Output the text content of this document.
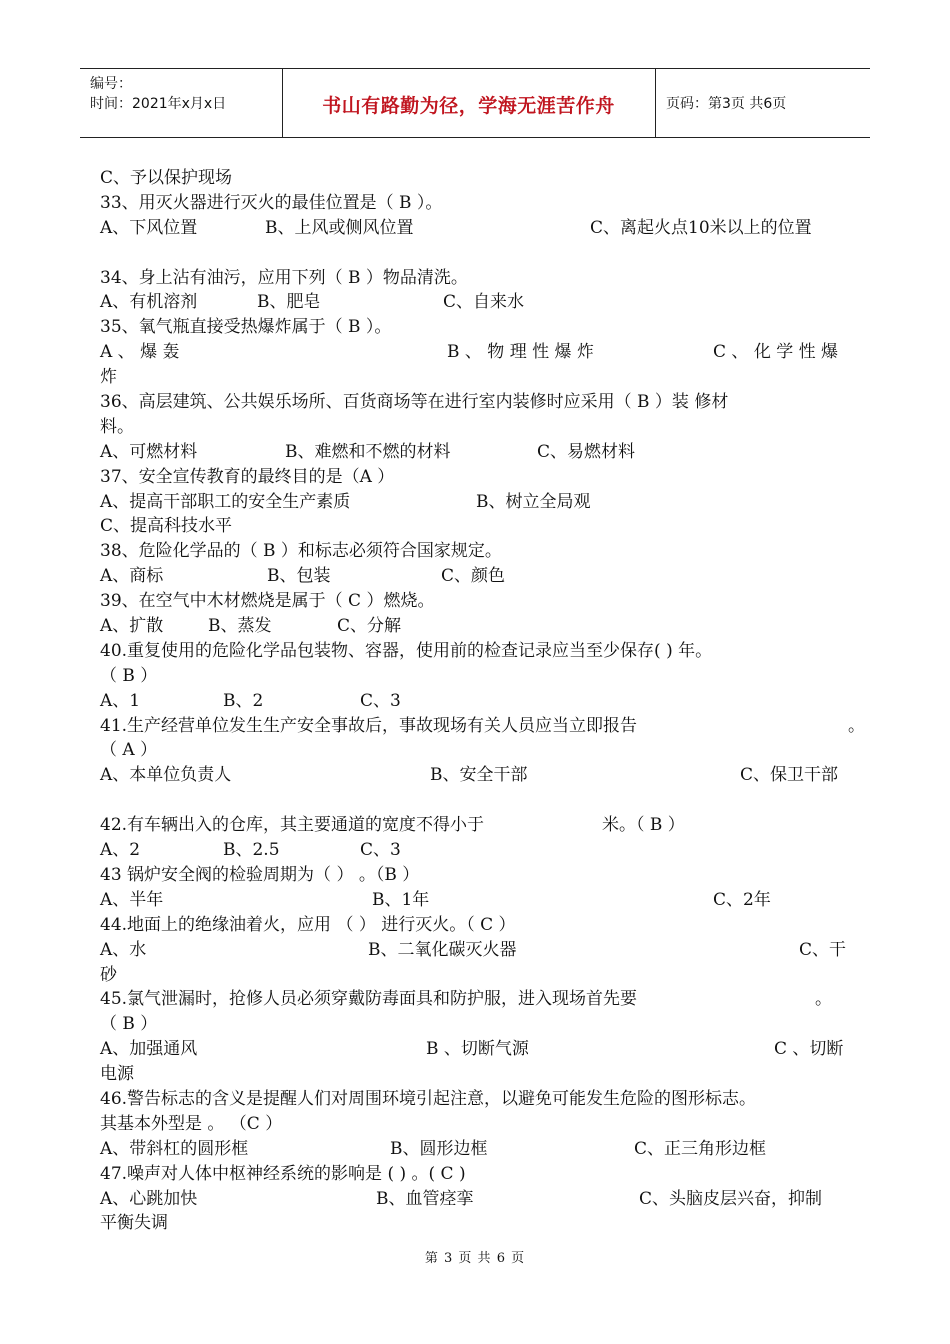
编号：
时间：2021年x月x日	书山有路勤为径，学海无涯苦作舟	页码：第3页 共6页
C、予以保护现场
33、用灭火器进行灭火的最佳位置是（ B ）。
A、下风位置	B、上风或侧风位置	C、离起火点10米以上的位置
34、身上沾有油污，应用下列（ B ）物品清洗。
A、有机溶剂	B、肥皂	C、自来水
35、氧气瓶直接受热爆炸属于（ B ）。
A 、 爆 轰	B 、 物 理 性 爆 炸	C 、 化 学 性 爆
炸
36、高层建筑、公共娱乐场所、百货商场等在进行室内装修时应采用（ B ）装 修材
料。
A、可燃材料	B、难燃和不燃的材料	C、易燃材料
37、安全宣传教育的最终目的是（A ）
A、提高干部职工的安全生产素质	B、树立全局观
C、提高科技水平
38、危险化学品的（ B ）和标志必须符合国家规定。
A、商标	B、包装	C、颜色
39、在空气中木材燃烧是属于（ C ）燃烧。
A、扩散	B、蒸发	C、分解
40.重复使用的危险化学品包装物、容器，使用前的检查记录应当至少保存( ) 年。
（ B ）
A、1	B、2	C、3
41.生产经营单位发生生产安全事故后，事故现场有关人员应当立即报告	。
（ A ）
A、本单位负责人	B、安全干部	C、保卫干部
42.有车辆出入的仓库，其主要通道的宽度不得小于	米。（ B ）
A、2	B、2.5	C、3
43 锅炉安全阀的检验周期为（ ） 。（B ）
A、半年	B、1年	C、2年
44.地面上的绝缘油着火，应用 （ ） 进行灭火。（ C ）
A、水	B、二氧化碳灭火器	C、干
砂
45.氯气泄漏时，抢修人员必须穿戴防毒面具和防护服，进入现场首先要	。
（ B ）
A、加强通风	B 、切断气源	C 、切断
电源
46.警告标志的含义是提醒人们对周围环境引起注意，以避免可能发生危险的图形标志。
其基本外型是 。 （C ）
A、带斜杠的圆形框	B、圆形边框	C、正三角形边框
47.噪声对人体中枢神经系统的影响是 ( ) 。( C )
A、心跳加快	B、血管痉挛	C、头脑皮层兴奋，抑制
平衡失调
第 3 页 共 6 页
